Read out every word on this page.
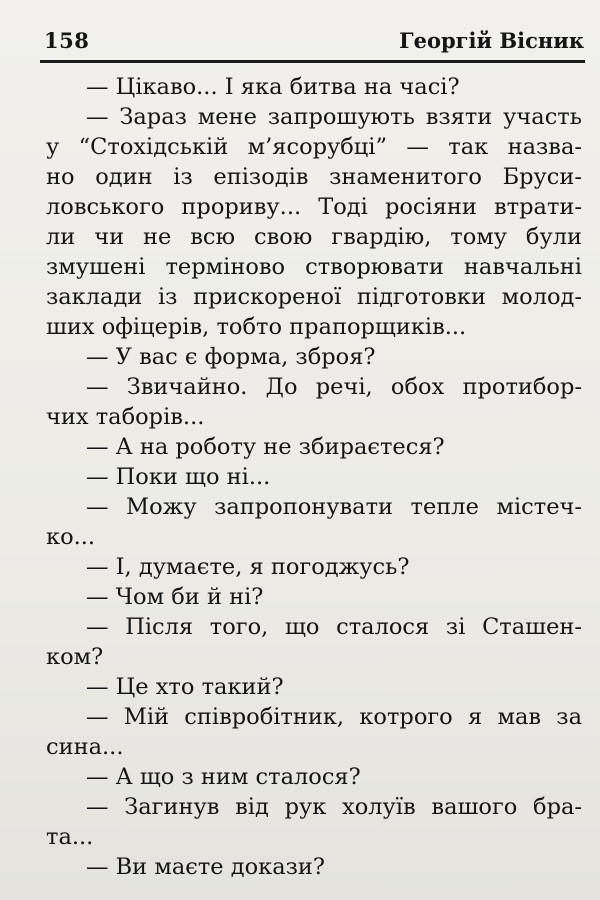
158	Георгій Вісник
— Цікаво... І яка битва на часі?
— Зараз мене запрошують взяти участь
у “Стохідській м’ясорубці” — так назва-
но один із епізодів знаменитого Бруси-
ловського прориву... Тоді росіяни втрати-
ли чи не всю свою гвардію, тому були
змушені терміново створювати навчальні
заклади із прискореної підготовки молод-
ших офіцерів, тобто прапорщиків...
— У вас є форма, зброя?
— Звичайно. До речі, обох протибор-
чих таборів...
— А на роботу не збираєтеся?
— Поки що ні...
— Можу запропонувати тепле містеч-
ко...
— І, думаєте, я погоджусь?
— Чом би й ні?
— Після того, що сталося зі Сташен-
ком?
— Це хто такий?
— Мій співробітник, котрого я мав за
сина...
— А що з ним сталося?
— Загинув від рук холуїв вашого бра-
та...
— Ви маєте докази?
